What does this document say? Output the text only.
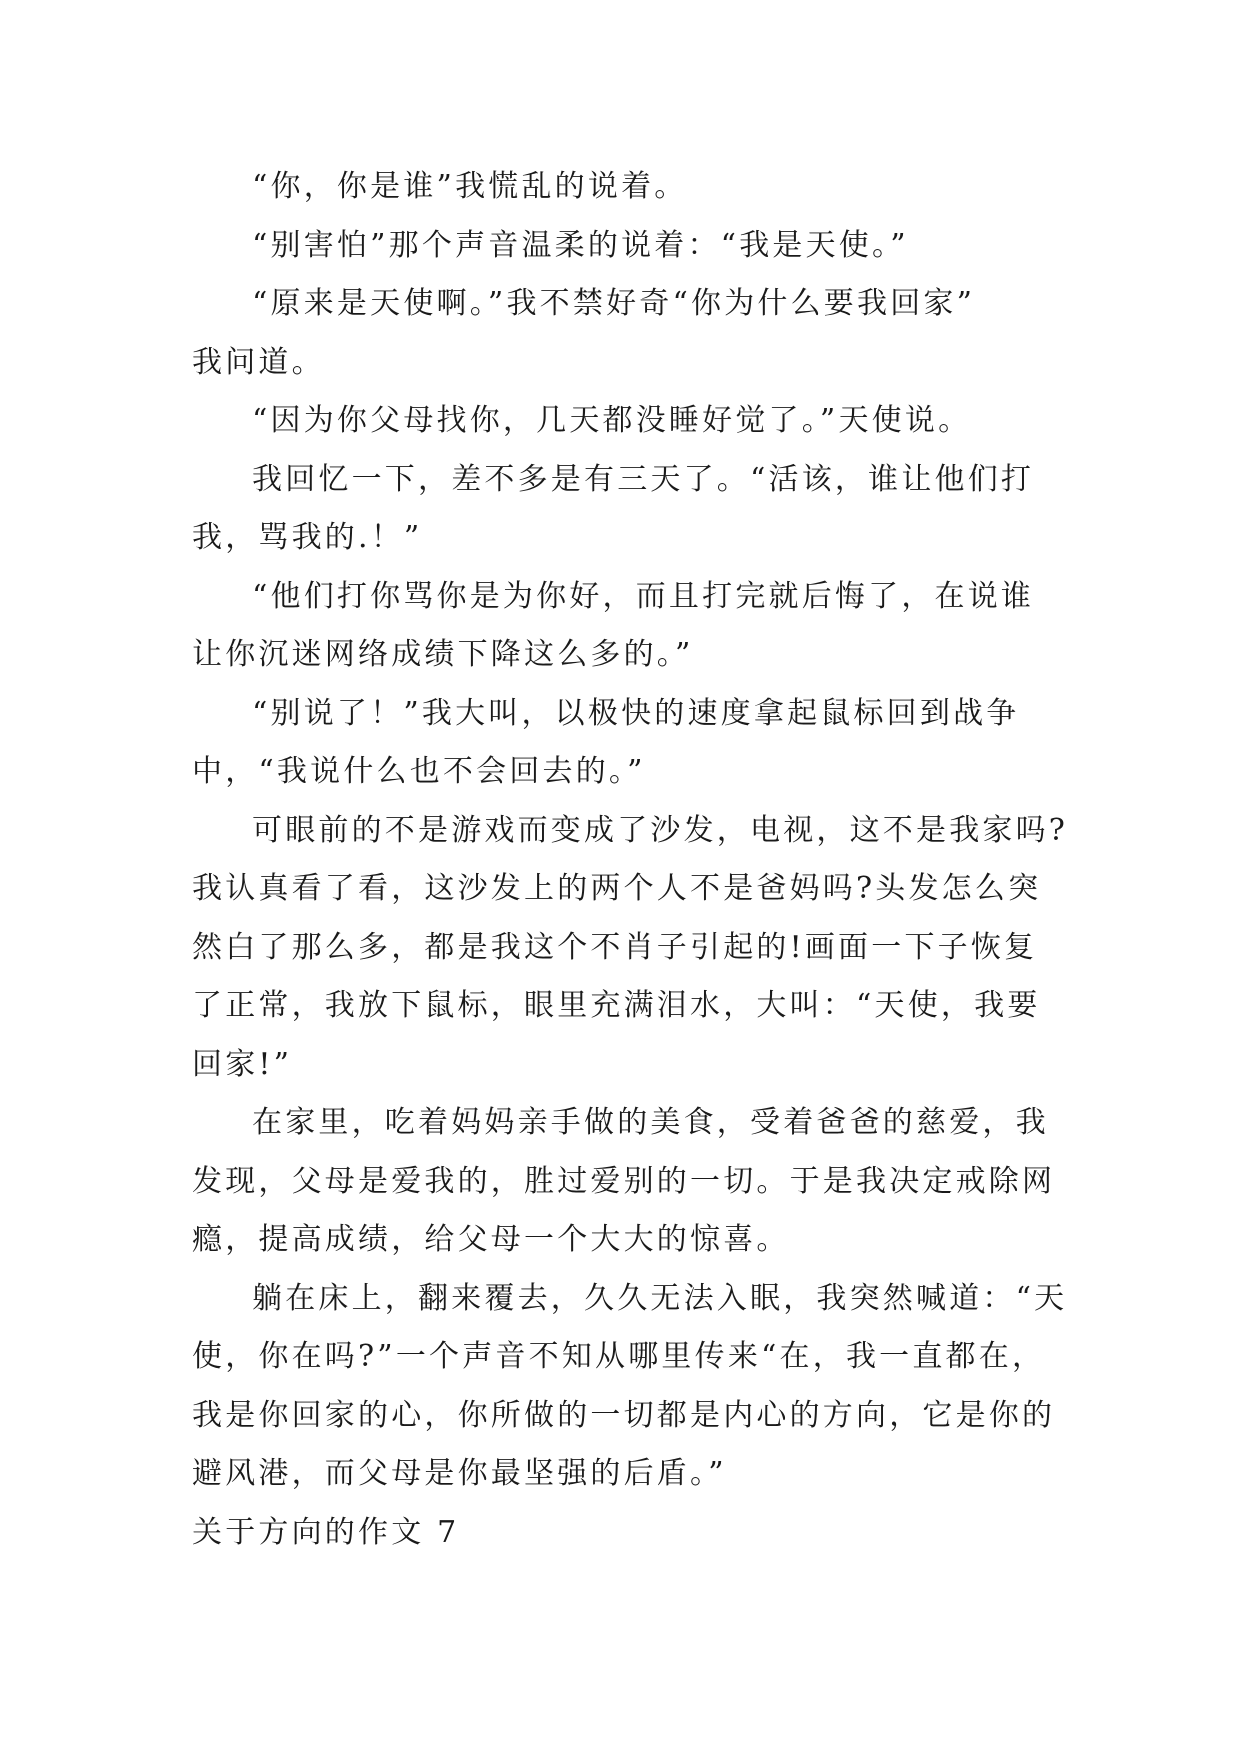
“你，你是谁”我慌乱的说着。

“别害怕”那个声音温柔的说着：“我是天使。”

“原来是天使啊。”我不禁好奇“你为什么要我回家”
我问道。

“因为你父母找你，几天都没睡好觉了。”天使说。

我回忆一下，差不多是有三天了。“活该，谁让他们打
我，骂我的.！”

“他们打你骂你是为你好，而且打完就后悔了，在说谁
让你沉迷网络成绩下降这么多的。”

“别说了！”我大叫，以极快的速度拿起鼠标回到战争
中，“我说什么也不会回去的。”

可眼前的不是游戏而变成了沙发，电视，这不是我家吗?
我认真看了看，这沙发上的两个人不是爸妈吗?头发怎么突
然白了那么多，都是我这个不肖子引起的!画面一下子恢复
了正常，我放下鼠标，眼里充满泪水，大叫：“天使，我要
回家!”

在家里，吃着妈妈亲手做的美食，受着爸爸的慈爱，我
发现，父母是爱我的，胜过爱别的一切。于是我决定戒除网
瘾，提高成绩，给父母一个大大的惊喜。

躺在床上，翻来覆去，久久无法入眠，我突然喊道：“天
使，你在吗?”一个声音不知从哪里传来“在，我一直都在，
我是你回家的心，你所做的一切都是内心的方向，它是你的
避风港，而父母是你最坚强的后盾。”

关于方向的作文 7
